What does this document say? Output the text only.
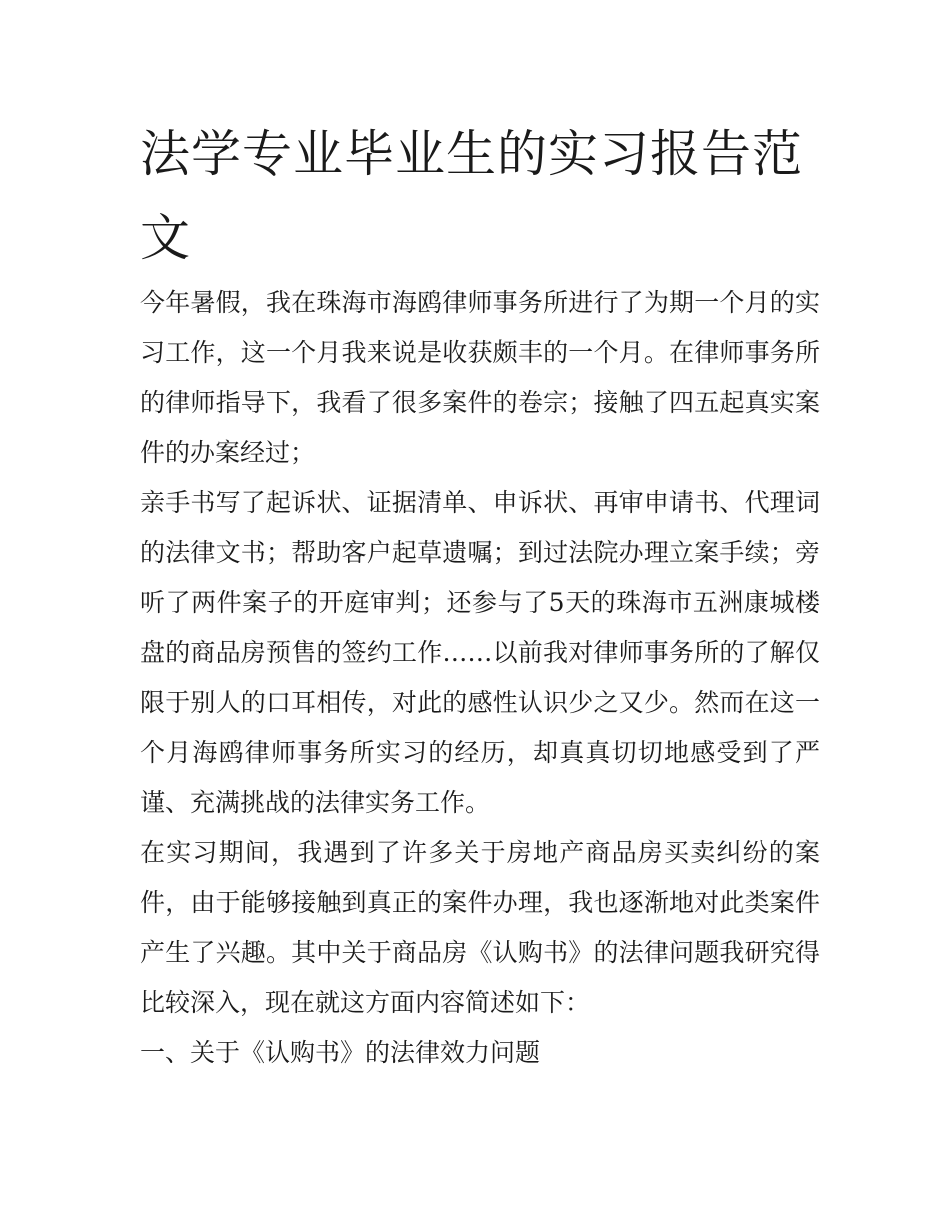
法学专业毕业生的实习报告范文

今年暑假，我在珠海市海鸥律师事务所进行了为期一个月的实习工作，这一个月我来说是收获颇丰的一个月。在律师事务所的律师指导下，我看了很多案件的卷宗；接触了四五起真实案件的办案经过；

亲手书写了起诉状、证据清单、申诉状、再审申请书、代理词的法律文书；帮助客户起草遗嘱；到过法院办理立案手续；旁听了两件案子的开庭审判；还参与了5天的珠海市五洲康城楼盘的商品房预售的签约工作……以前我对律师事务所的了解仅限于别人的口耳相传，对此的感性认识少之又少。然而在这一个月海鸥律师事务所实习的经历，却真真切切地感受到了严谨、充满挑战的法律实务工作。

在实习期间，我遇到了许多关于房地产商品房买卖纠纷的案件，由于能够接触到真正的案件办理，我也逐渐地对此类案件产生了兴趣。其中关于商品房《认购书》的法律问题我研究得比较深入，现在就这方面内容简述如下：

一、关于《认购书》的法律效力问题
